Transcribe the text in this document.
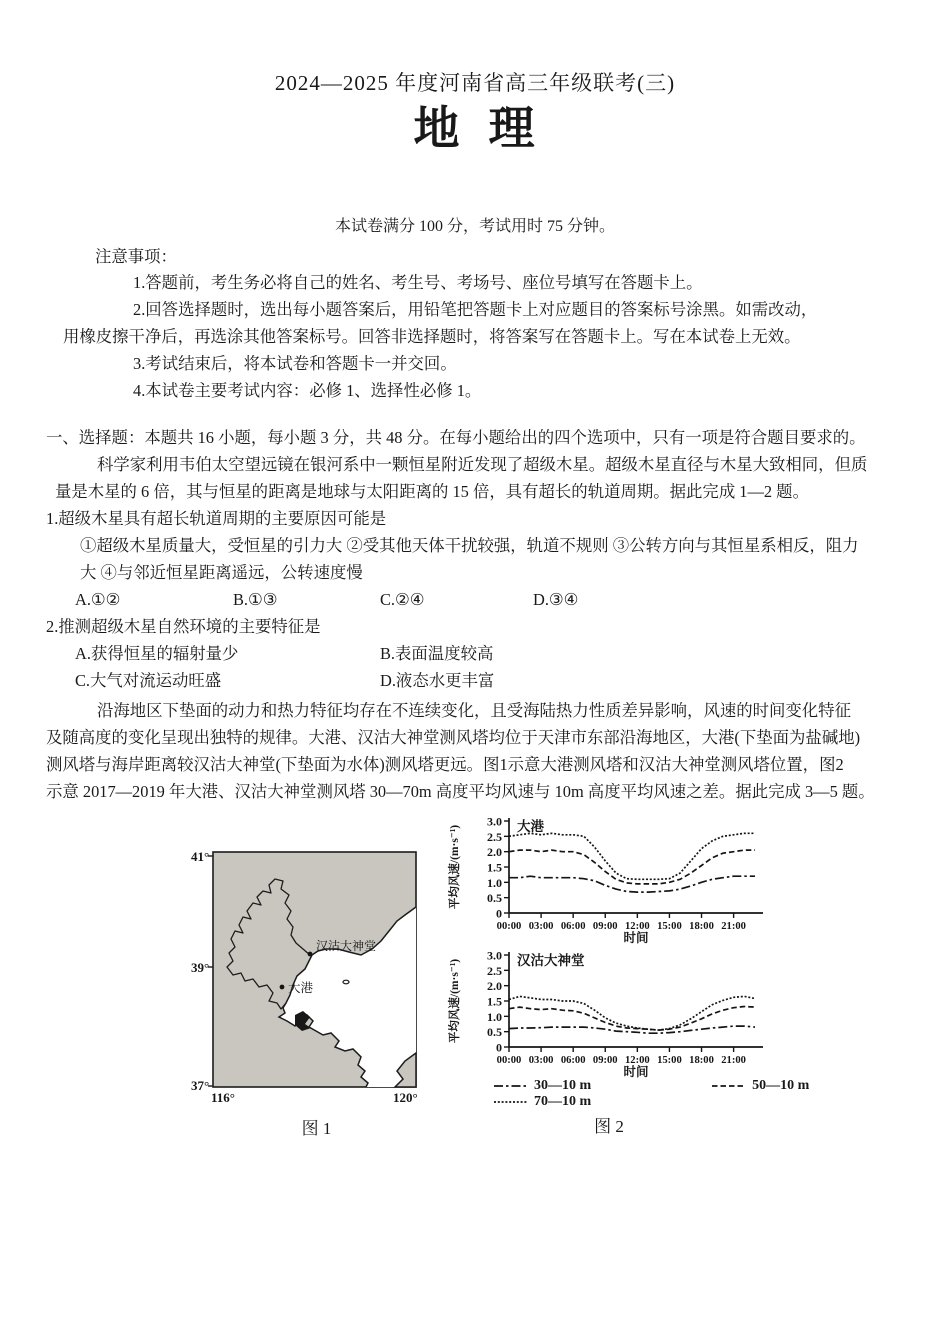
2024—2025 年度河南省高三年级联考(三)
地  理
本试卷满分 100 分，考试用时 75 分钟。
注意事项：
1.答题前，考生务必将自己的姓名、考生号、考场号、座位号填写在答题卡上。
2.回答选择题时，选出每小题答案后，用铅笔把答题卡上对应题目的答案标号涂黑。如需改动，
用橡皮擦干净后，再选涂其他答案标号。回答非选择题时，将答案写在答题卡上。写在本试卷上无效。
3.考试结束后，将本试卷和答题卡一并交回。
4.本试卷主要考试内容：必修 1、选择性必修 1。
一、选择题：本题共 16 小题，每小题 3 分，共 48 分。在每小题给出的四个选项中，只有一项是符合题目要求的。
科学家利用韦伯太空望远镜在银河系中一颗恒星附近发现了超级木星。超级木星直径与木星大致相同，但质
量是木星的 6 倍，其与恒星的距离是地球与太阳距离的 15 倍，具有超长的轨道周期。据此完成 1—2 题。
1.超级木星具有超长轨道周期的主要原因可能是
①超级木星质量大，受恒星的引力大 ②受其他天体干扰较强，轨道不规则 ③公转方向与其恒星系相反，阻力
大 ④与邻近恒星距离遥远，公转速度慢
A.①②	B.①③	C.②④	D.③④
2.推测超级木星自然环境的主要特征是
A.获得恒星的辐射量少	B.表面温度较高
C.大气对流运动旺盛	D.液态水更丰富
沿海地区下垫面的动力和热力特征均存在不连续变化，且受海陆热力性质差异影响，风速的时间变化特征
及随高度的变化呈现出独特的规律。大港、汉沽大神堂测风塔均位于天津市东部沿海地区，大港(下垫面为盐碱地)
测风塔与海岸距离较汉沽大神堂(下垫面为水体)测风塔更远。图1示意大港测风塔和汉沽大神堂测风塔位置，图2
示意 2017—2019 年大港、汉沽大神堂测风塔 30—70m 高度平均风速与 10m 高度平均风速之差。据此完成 3—5 题。
41°
39°
37°
116°	120°
汉沽大神堂
大港
图 1
0
0.5
1.0
1.5
2.0
2.5
3.0
00:00 03:00 06:00 09:00 12:00 15:00 18:00 21:00
大港
时间
平均风速/(m·s⁻¹)
0
0.5
1.0
1.5
2.0
2.5
3.0
00:00 03:00 06:00 09:00 12:00 15:00 18:00 21:00
汉沽大神堂
时间
平均风速/(m·s⁻¹)
30—10 m	50—10 m
70—10 m
图 2
